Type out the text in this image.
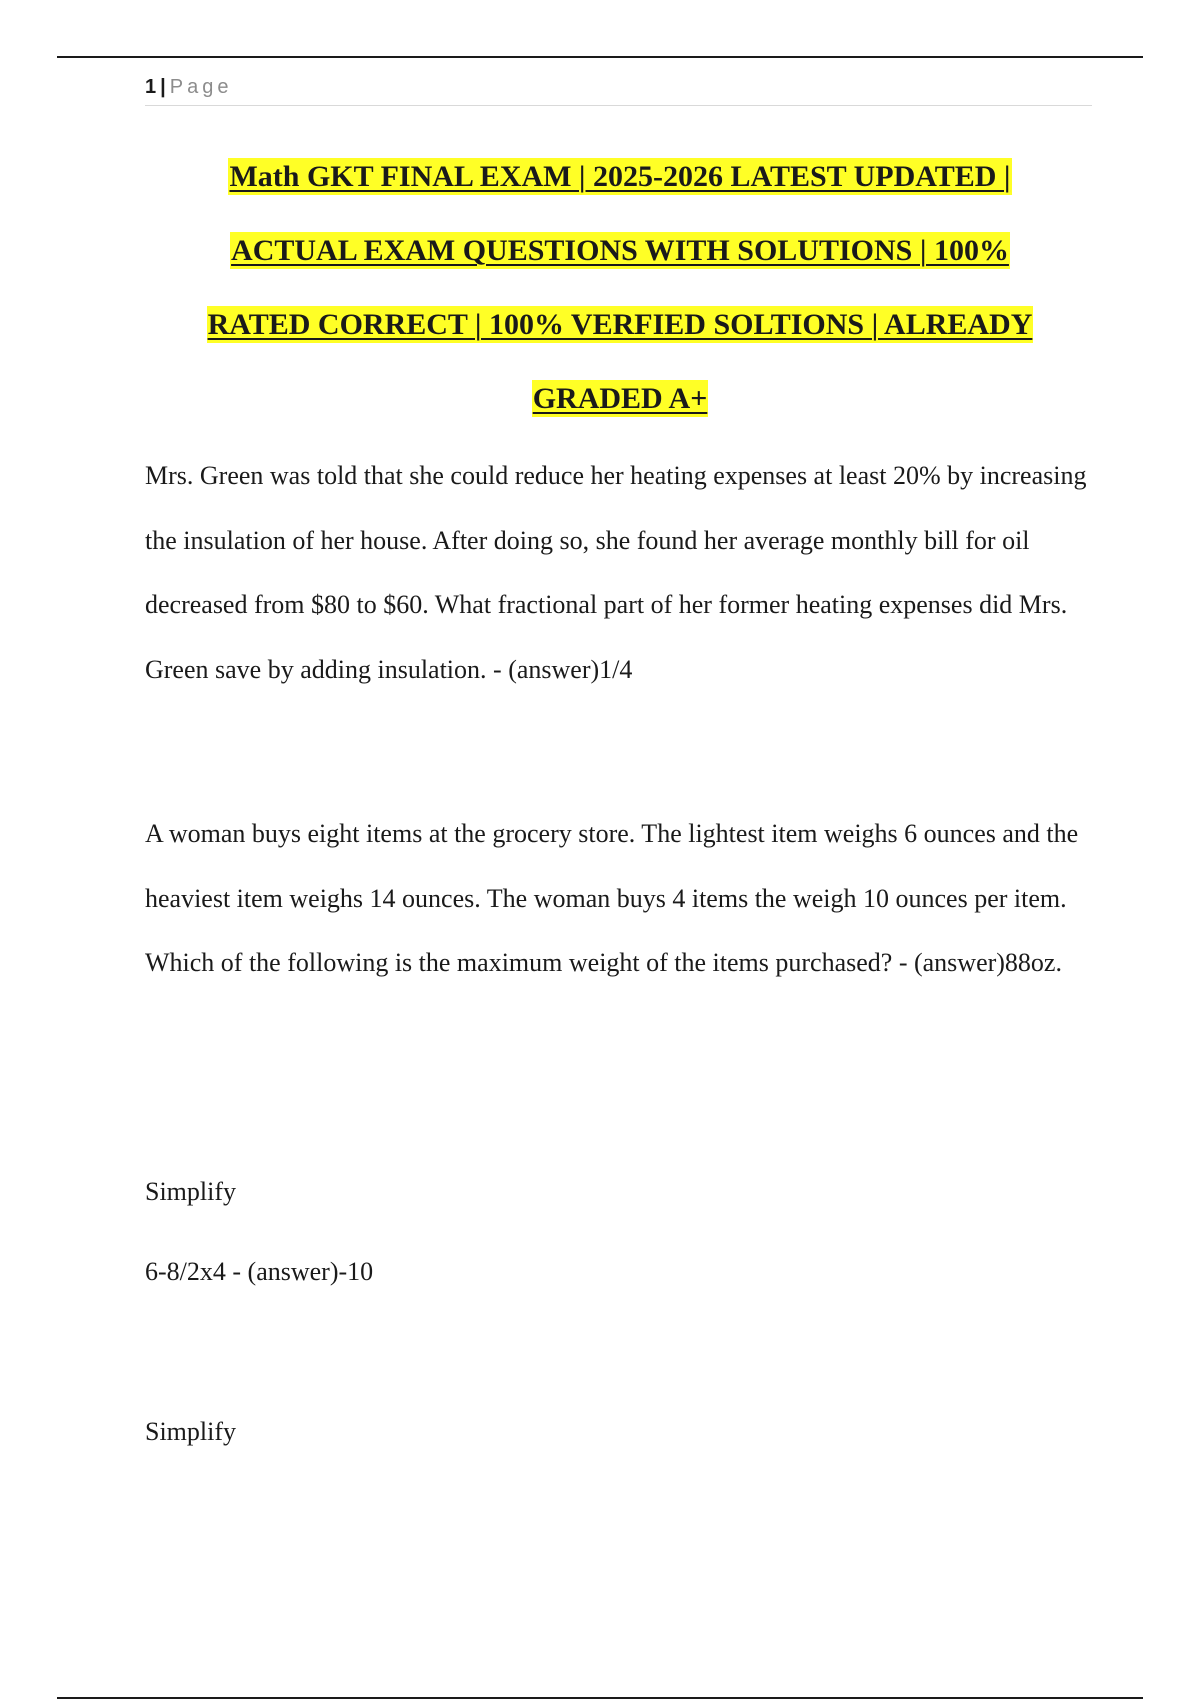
1 | Page
Math GKT FINAL EXAM | 2025-2026 LATEST UPDATED |
ACTUAL EXAM QUESTIONS WITH SOLUTIONS | 100%
RATED CORRECT | 100% VERFIED SOLTIONS | ALREADY
GRADED A+

Mrs. Green was told that she could reduce her heating expenses at least 20% by increasing the insulation of her house. After doing so, she found her average monthly bill for oil decreased from $80 to $60. What fractional part of her former heating expenses did Mrs. Green save by adding insulation. - (answer)1/4

A woman buys eight items at the grocery store. The lightest item weighs 6 ounces and the heaviest item weighs 14 ounces. The woman buys 4 items the weigh 10 ounces per item. Which of the following is the maximum weight of the items purchased? - (answer)88oz.

Simplify

6-8/2x4 - (answer)-10

Simplify
